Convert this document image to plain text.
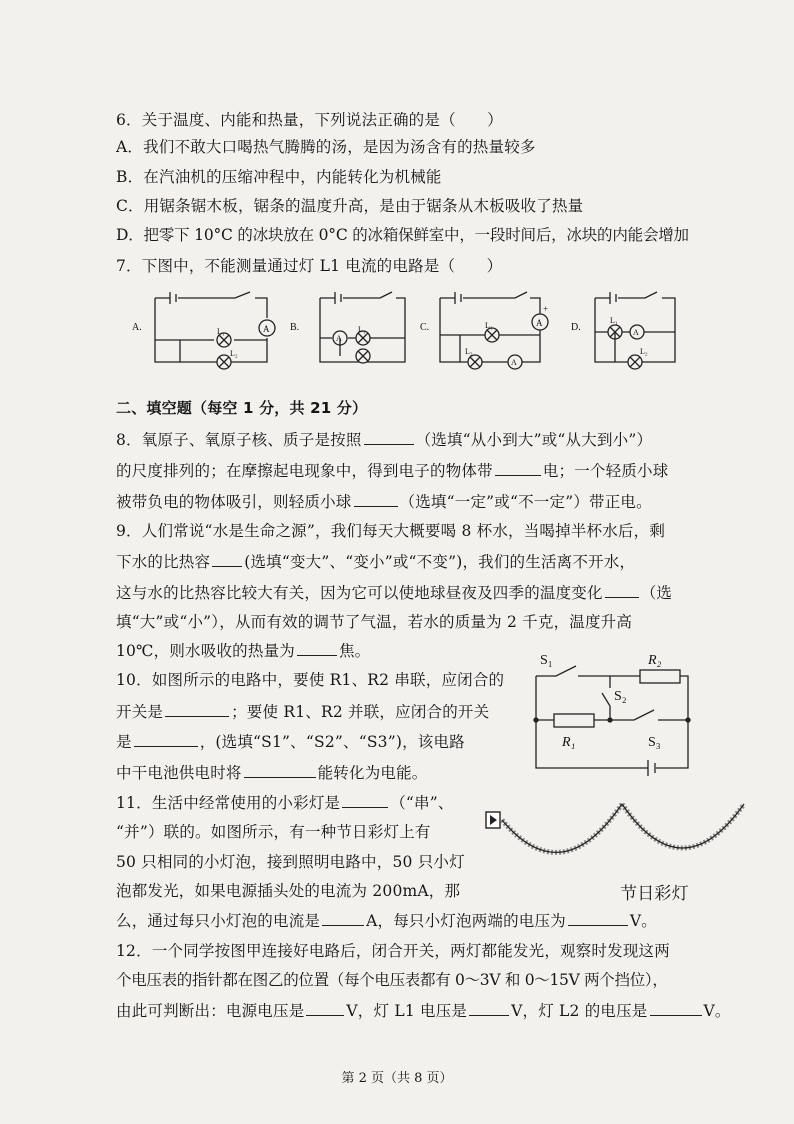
6．关于温度、内能和热量，下列说法正确的是（　　）
A．我们不敢大口喝热气腾腾的汤，是因为汤含有的热量较多
B．在汽油机的压缩冲程中，内能转化为机械能
C．用锯条锯木板，锯条的温度升高，是由于锯条从木板吸收了热量
D．把零下 10°C 的冰块放在 0°C 的冰箱保鲜室中，一段时间后，冰块的内能会增加
7．下图中，不能测量通过灯 L1 电流的电路是（　　）
A.	B.	C.	D.
A
L₁
L₂
A
L₁
A
+
A
L₁
L₂
A
L₁
L₂
二、填空题（每空 1 分，共 21 分）
8．氧原子、氧原子核、质子是按照	（选填“从小到大”或“从大到小”）
的尺度排列的；在摩擦起电现象中，得到电子的物体带	电；一个轻质小球
被带负电的物体吸引，则轻质小球	（选填“一定”或“不一定”）带正电。
9．人们常说“水是生命之源”，我们每天大概要喝 8 杯水，当喝掉半杯水后，剩
下水的比热容 (选填“变大”、“变小”或“不变”)，我们的生活离不开水，
这与水的比热容比较大有关，因为它可以使地球昼夜及四季的温度变化 （选
填“大”或“小”），从而有效的调节了气温，若水的质量为 2 千克，温度升高
10℃，则水吸收的热量为	焦。
10．如图所示的电路中，要使 R1、R2 串联，应闭合的
开关是	；要使 R1、R2 并联，应闭合的开关
是	，(选填“S1”、“S2”、“S3”)，该电路
中干电池供电时将	能转化为电能。
S₁	R₂
S₂
R₁	S₃
11．生活中经常使用的小彩灯是	（“串”、
“并”）联的。如图所示，有一种节日彩灯上有
50 只相同的小灯泡，接到照明电路中，50 只小灯
泡都发光，如果电源插头处的电流为 200mA，那
么，通过每只小灯泡的电流是	A，每只小灯泡两端的电压为	V。
节日彩灯
12．一个同学按图甲连接好电路后，闭合开关，两灯都能发光，观察时发现这两
个电压表的指针都在图乙的位置（每个电压表都有 0～3V 和 0～15V 两个挡位），
由此可判断出：电源电压是	V，灯 L1 电压是	V，灯 L2 的电压是	V。
第 2 页（共 8 页）
